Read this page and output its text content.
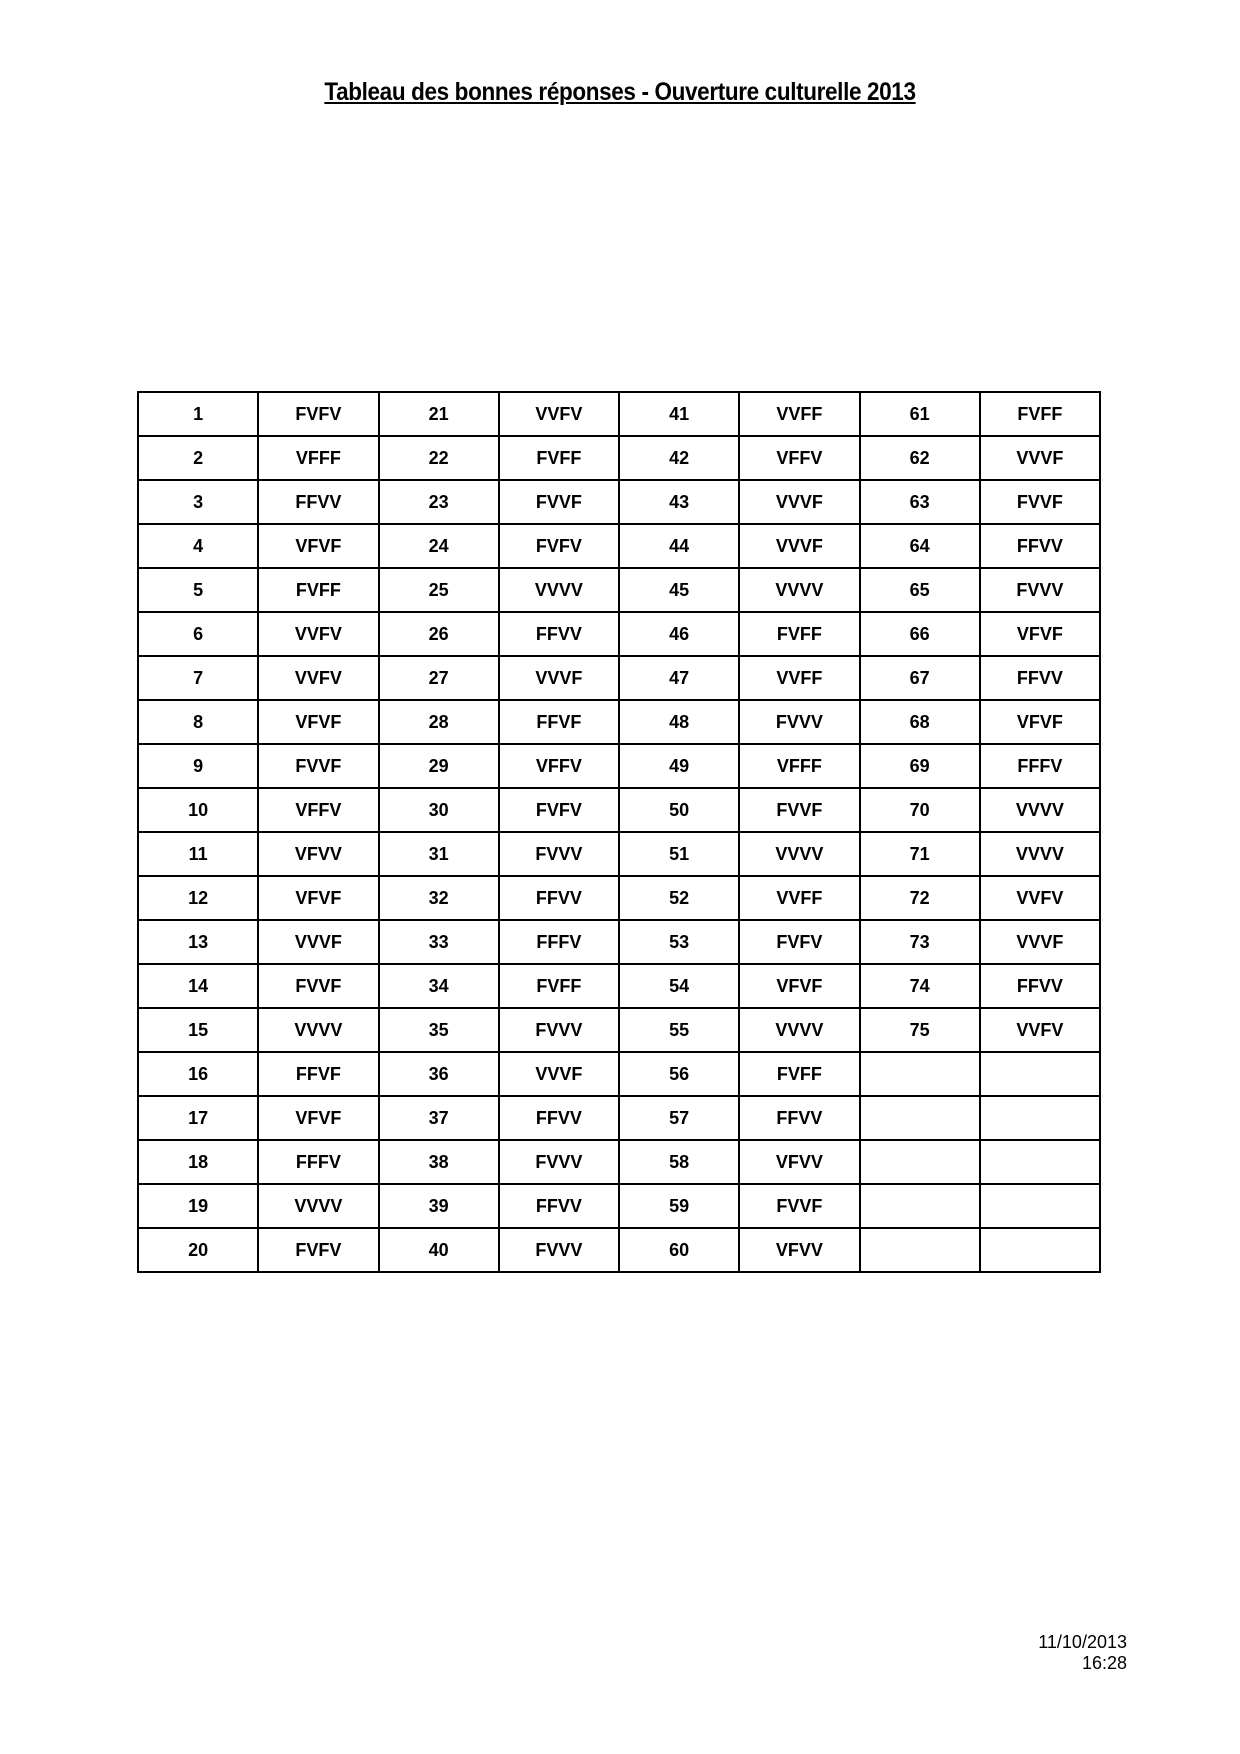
Tableau des bonnes réponses - Ouverture culturelle 2013
1	FVFV	21	VVFV	41	VVFF	61	FVFF
2	VFFF	22	FVFF	42	VFFV	62	VVVF
3	FFVV	23	FVVF	43	VVVF	63	FVVF
4	VFVF	24	FVFV	44	VVVF	64	FFVV
5	FVFF	25	VVVV	45	VVVV	65	FVVV
6	VVFV	26	FFVV	46	FVFF	66	VFVF
7	VVFV	27	VVVF	47	VVFF	67	FFVV
8	VFVF	28	FFVF	48	FVVV	68	VFVF
9	FVVF	29	VFFV	49	VFFF	69	FFFV
10	VFFV	30	FVFV	50	FVVF	70	VVVV
11	VFVV	31	FVVV	51	VVVV	71	VVVV
12	VFVF	32	FFVV	52	VVFF	72	VVFV
13	VVVF	33	FFFV	53	FVFV	73	VVVF
14	FVVF	34	FVFF	54	VFVF	74	FFVV
15	VVVV	35	FVVV	55	VVVV	75	VVFV
16	FFVF	36	VVVF	56	FVFF		
17	VFVF	37	FFVV	57	FFVV		
18	FFFV	38	FVVV	58	VFVV		
19	VVVV	39	FFVV	59	FVVF		
20	FVFV	40	FVVV	60	VFVV		
11/10/2013
16:28
